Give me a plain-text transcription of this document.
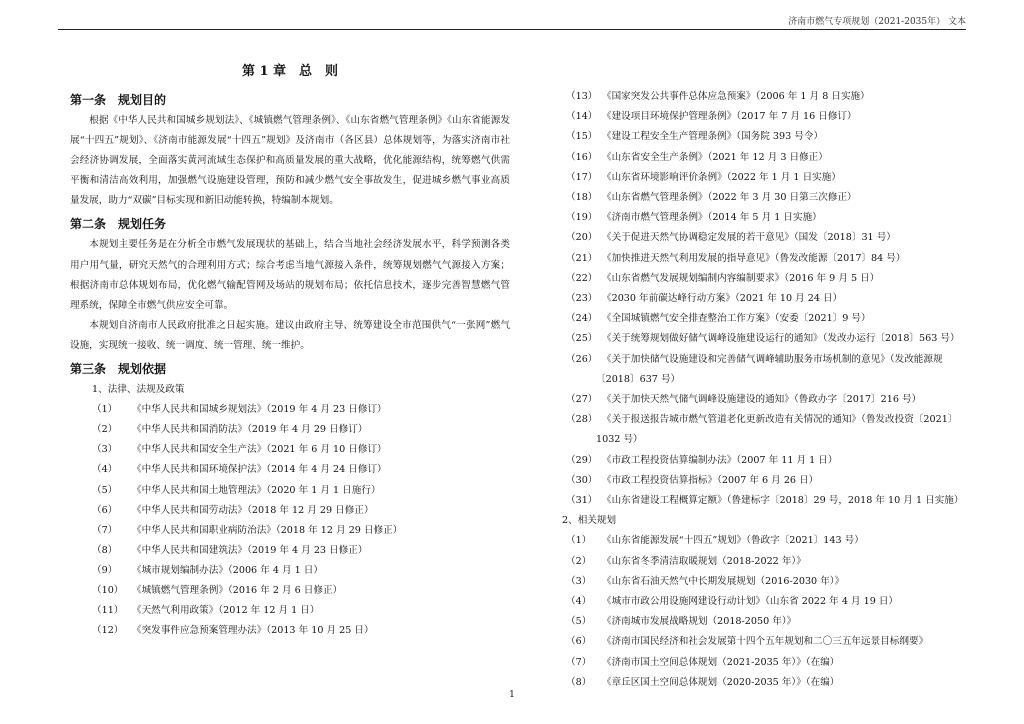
济南市燃气专项规划（2021-2035年） 文本
第 1 章　总　则
第一条　规划目的

根据《中华人民共和国城乡规划法》、《城镇燃气管理条例》、《山东省燃气管理条例》《山东省能源发展“十四五”规划》、《济南市能源发展“十四五”规划》及济南市（各区县）总体规划等，为落实济南市社会经济协调发展，全面落实黄河流域生态保护和高质量发展的重大战略，优化能源结构，统筹燃气供需平衡和清洁高效利用，加强燃气设施建设管理，预防和减少燃气安全事故发生，促进城乡燃气事业高质量发展，助力“双碳”目标实现和新旧动能转换，特编制本规划。

第二条　规划任务

本规划主要任务是在分析全市燃气发展现状的基础上，结合当地社会经济发展水平，科学预测各类用户用气量，研究天然气的合理利用方式；综合考虑当地气源接入条件，统筹规划燃气气源接入方案；根据济南市总体规划布局，优化燃气输配管网及场站的规划布局；依托信息技术，逐步完善智慧燃气管理系统，保障全市燃气供应安全可靠。

本规划自济南市人民政府批准之日起实施。建议由政府主导、统筹建设全市范围供气“一张网”燃气设施，实现统一接收、统一调度、统一管理、统一维护。

第三条　规划依据
1、法律、法规及政策
（1） 《中华人民共和国城乡规划法》（2019 年 4 月 23 日修订）
（2） 《中华人民共和国消防法》（2019 年 4 月 29 日修订）
（3） 《中华人民共和国安全生产法》（2021 年 6 月 10 日修订）
（4） 《中华人民共和国环境保护法》（2014 年 4 月 24 日修订）
（5） 《中华人民共和国土地管理法》（2020 年 1 月 1 日施行）
（6） 《中华人民共和国劳动法》（2018 年 12 月 29 日修正）
（7） 《中华人民共和国职业病防治法》（2018 年 12 月 29 日修正）
（8） 《中华人民共和国建筑法》（2019 年 4 月 23 日修正）
（9） 《城市规划编制办法》（2006 年 4 月 1 日）
（10） 《城镇燃气管理条例》（2016 年 2 月 6 日修正）
（11） 《天然气利用政策》（2012 年 12 月 1 日）
（12） 《突发事件应急预案管理办法》（2013 年 10 月 25 日）
（13） 《国家突发公共事件总体应急预案》（2006 年 1 月 8 日实施）
（14） 《建设项目环境保护管理条例》（2017 年 7 月 16 日修订）
（15） 《建设工程安全生产管理条例》（国务院 393 号令）
（16） 《山东省安全生产条例》（2021 年 12 月 3 日修正）
（17） 《山东省环境影响评价条例》（2022 年 1 月 1 日实施）
（18） 《山东省燃气管理条例》（2022 年 3 月 30 日第三次修正）
（19） 《济南市燃气管理条例》（2014 年 5 月 1 日实施）
（20） 《关于促进天然气协调稳定发展的若干意见》（国发〔2018〕31 号）
（21） 《加快推进天然气利用发展的指导意见》（鲁发改能源〔2017〕84 号）
（22） 《山东省燃气发展规划编制内容编制要求》（2016 年 9 月 5 日）
（23） 《2030 年前碳达峰行动方案》（2021 年 10 月 24 日）
（24） 《全国城镇燃气安全排查整治工作方案》（安委〔2021〕9 号）
（25） 《关于统筹规划做好储气调峰设施建设运行的通知》（发改办运行〔2018〕563 号）
（26） 《关于加快储气设施建设和完善储气调峰辅助服务市场机制的意见》（发改能源规〔2018〕637 号）
（27） 《关于加快天然气储气调峰设施建设的通知》（鲁政办字〔2017〕216 号）
（28） 《关于报送报告城市燃气管道老化更新改造有关情况的通知》（鲁发改投资〔2021〕1032 号）
（29） 《市政工程投资估算编制办法》（2007 年 11 月 1 日）
（30） 《市政工程投资估算指标》（2007 年 6 月 26 日）
（31） 《山东省建设工程概算定额》（鲁建标字〔2018〕29 号，2018 年 10 月 1 日实施）
2、相关规划
（1） 《山东省能源发展“十四五”规划》（鲁政字〔2021〕143 号）
（2） 《山东省冬季清洁取暖规划（2018-2022 年）》
（3） 《山东省石油天然气中长期发展规划（2016-2030 年）》
（4） 《城市市政公用设施网建设行动计划》（山东省 2022 年 4 月 19 日）
（5） 《济南城市发展战略规划（2018-2050 年）》
（6） 《济南市国民经济和社会发展第十四个五年规划和二〇三五年远景目标纲要》
（7） 《济南市国土空间总体规划（2021-2035 年）》（在编）
（8） 《章丘区国土空间总体规划（2020-2035 年）》（在编）
1
